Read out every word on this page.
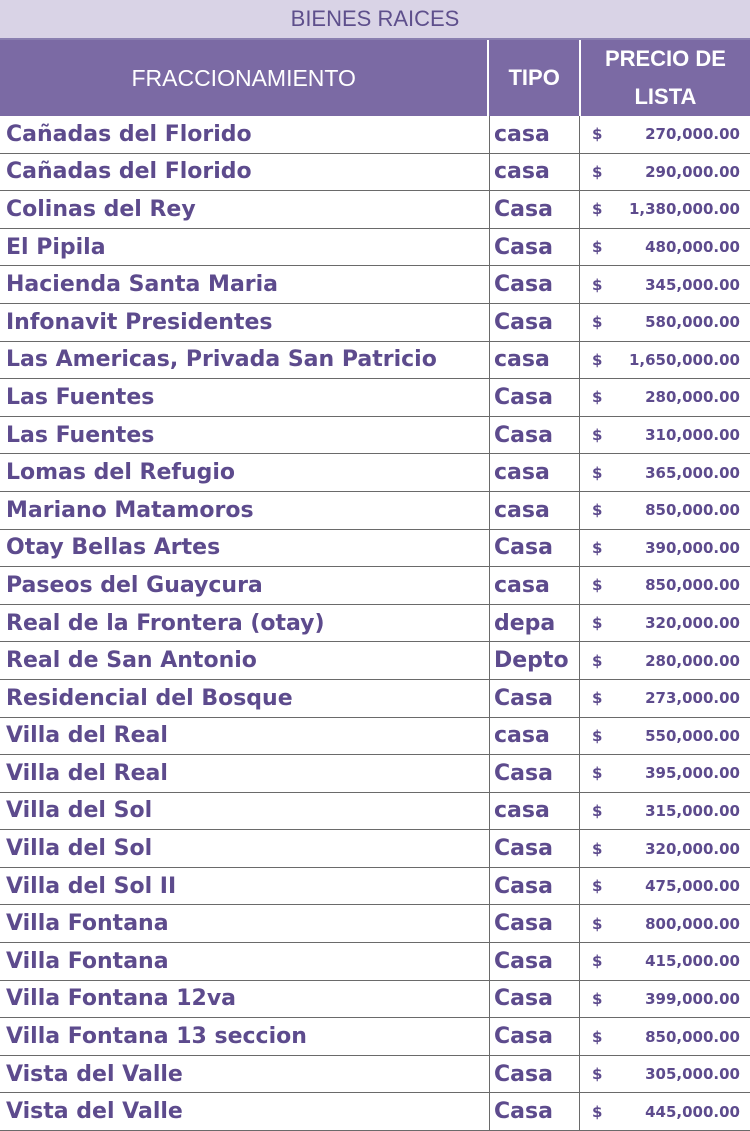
BIENES RAICES
FRACCIONAMIENTO	TIPO
PRECIO DE
LISTA
Cañadas del Florido	casa	$	270,000.00
Cañadas del Florido	casa	$	290,000.00
Colinas del Rey	Casa	$ 1,380,000.00
El Pipila	Casa	$	480,000.00
Hacienda Santa Maria	Casa	$	345,000.00
Infonavit Presidentes	Casa	$	580,000.00
Las Americas, Privada San Patricio	casa	$ 1,650,000.00
Las Fuentes	Casa	$	280,000.00
Las Fuentes	Casa	$	310,000.00
Lomas del Refugio	casa	$	365,000.00
Mariano Matamoros	casa	$	850,000.00
Otay Bellas Artes	Casa	$	390,000.00
Paseos del Guaycura	casa	$	850,000.00
Real de la Frontera (otay)	depa	$	320,000.00
Real de San Antonio	Depto	$	280,000.00
Residencial del Bosque	Casa	$	273,000.00
Villa del Real	casa	$	550,000.00
Villa del Real	Casa	$	395,000.00
Villa del Sol	casa	$	315,000.00
Villa del Sol	Casa	$	320,000.00
Villa del Sol II	Casa	$	475,000.00
Villa Fontana	Casa	$	800,000.00
Villa Fontana	Casa	$	415,000.00
Villa Fontana 12va	Casa	$	399,000.00
Villa Fontana 13 seccion	Casa	$	850,000.00
Vista del Valle	Casa	$	305,000.00
Vista del Valle	Casa	$	445,000.00
